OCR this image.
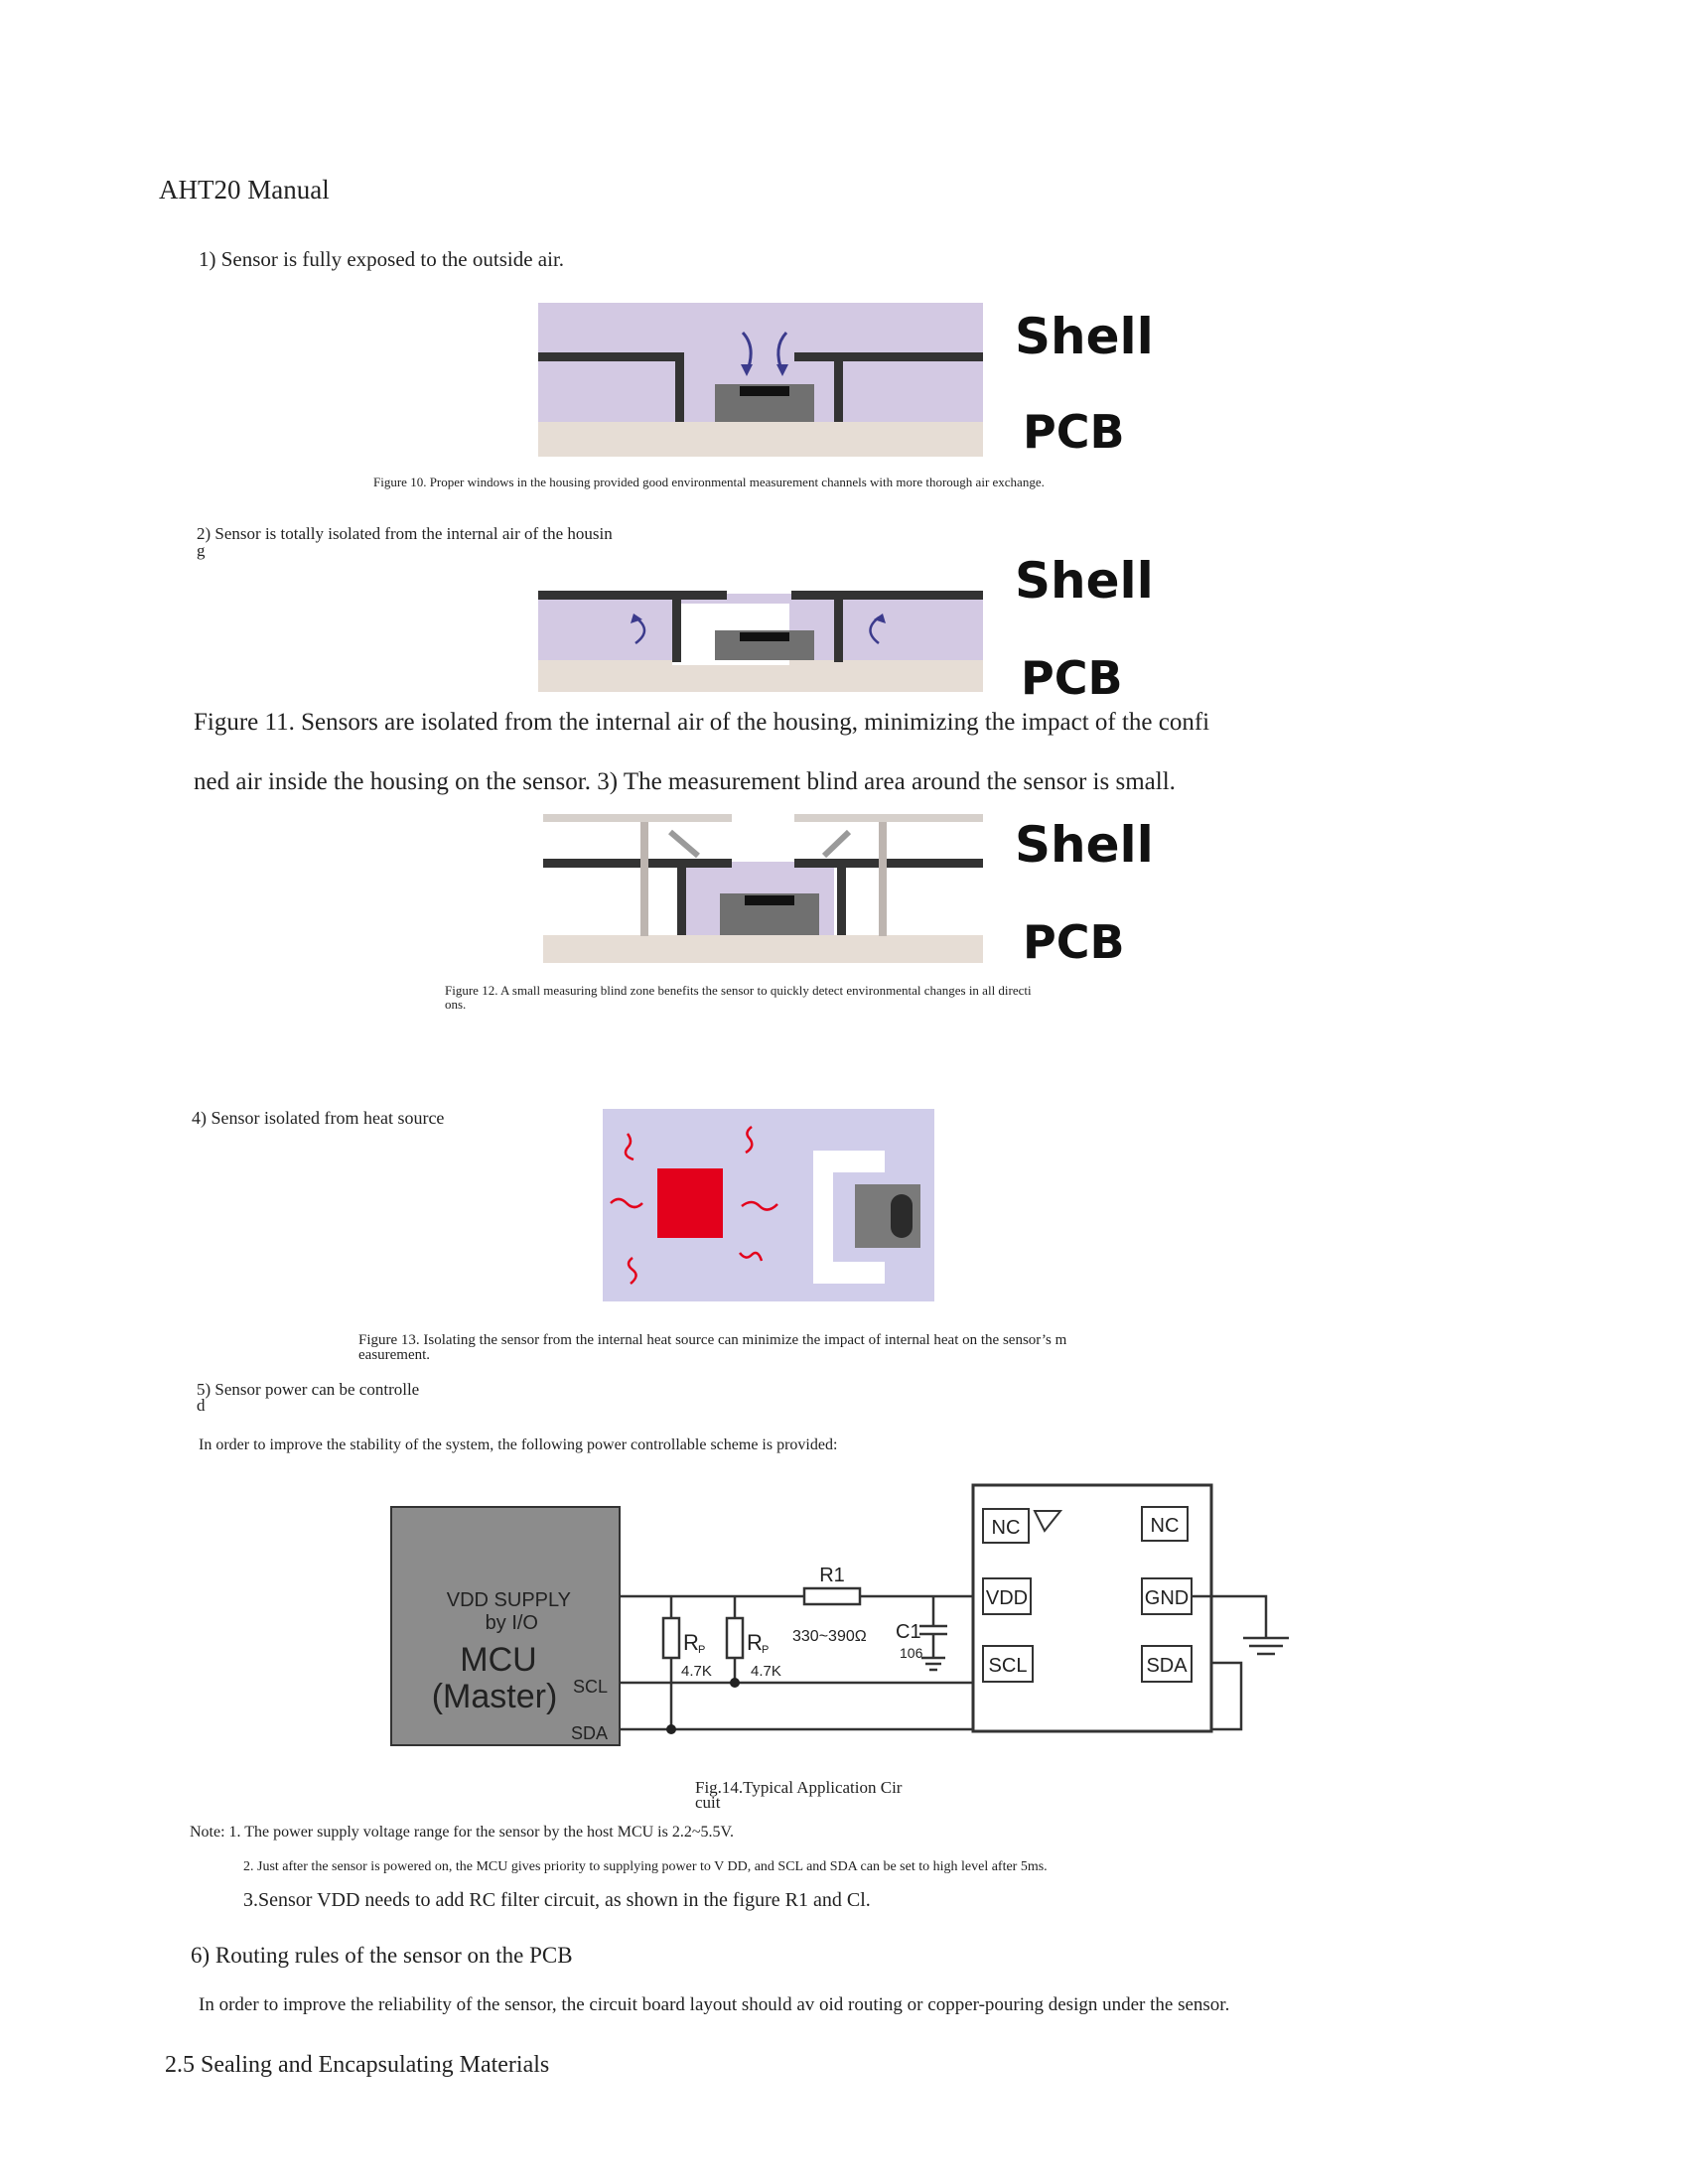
AHT20 Manual
1) Sensor is fully exposed to the outside air.
Shell
PCB
Figure 10. Proper windows in the housing provided good environmental measurement channels with more thorough air exchange.
2) Sensor is totally isolated from the internal air of the housin
g
Shell
PCB
Figure 11. Sensors are isolated from the internal air of the housing, minimizing the impact of the confi
ned air inside the housing on the sensor. 3) The measurement blind area around the sensor is small.
Shell
PCB
Figure 12. A small measuring blind zone benefits the sensor to quickly detect environmental changes in all directi
ons.
4) Sensor isolated from heat source
Figure 13. Isolating the sensor from the internal heat source can minimize the impact of internal heat on the sensor’s m
easurement.
5) Sensor power can be controlle
d
In order to improve the stability of the system, the following power controllable scheme is provided:
VDD SUPPLY
by I/O
MCU
(Master) SCL
SDA
R P
4.7K
R P
4.7K
R1
330~390Ω C1
106
NC	NC
VDD	GND
SCL	SDA
Fig.14.Typical Application Cir
cuit
Note: 1. The power supply voltage range for the sensor by the host MCU is 2.2~5.5V.
2. Just after the sensor is powered on, the MCU gives priority to supplying power to V DD, and SCL and SDA can be set to high level after 5ms.
3.Sensor VDD needs to add RC filter circuit, as shown in the figure R1 and Cl.
6) Routing rules of the sensor on the PCB
In order to improve the reliability of the sensor, the circuit board layout should av oid routing or copper-pouring design under the sensor.
2.5 Sealing and Encapsulating Materials
